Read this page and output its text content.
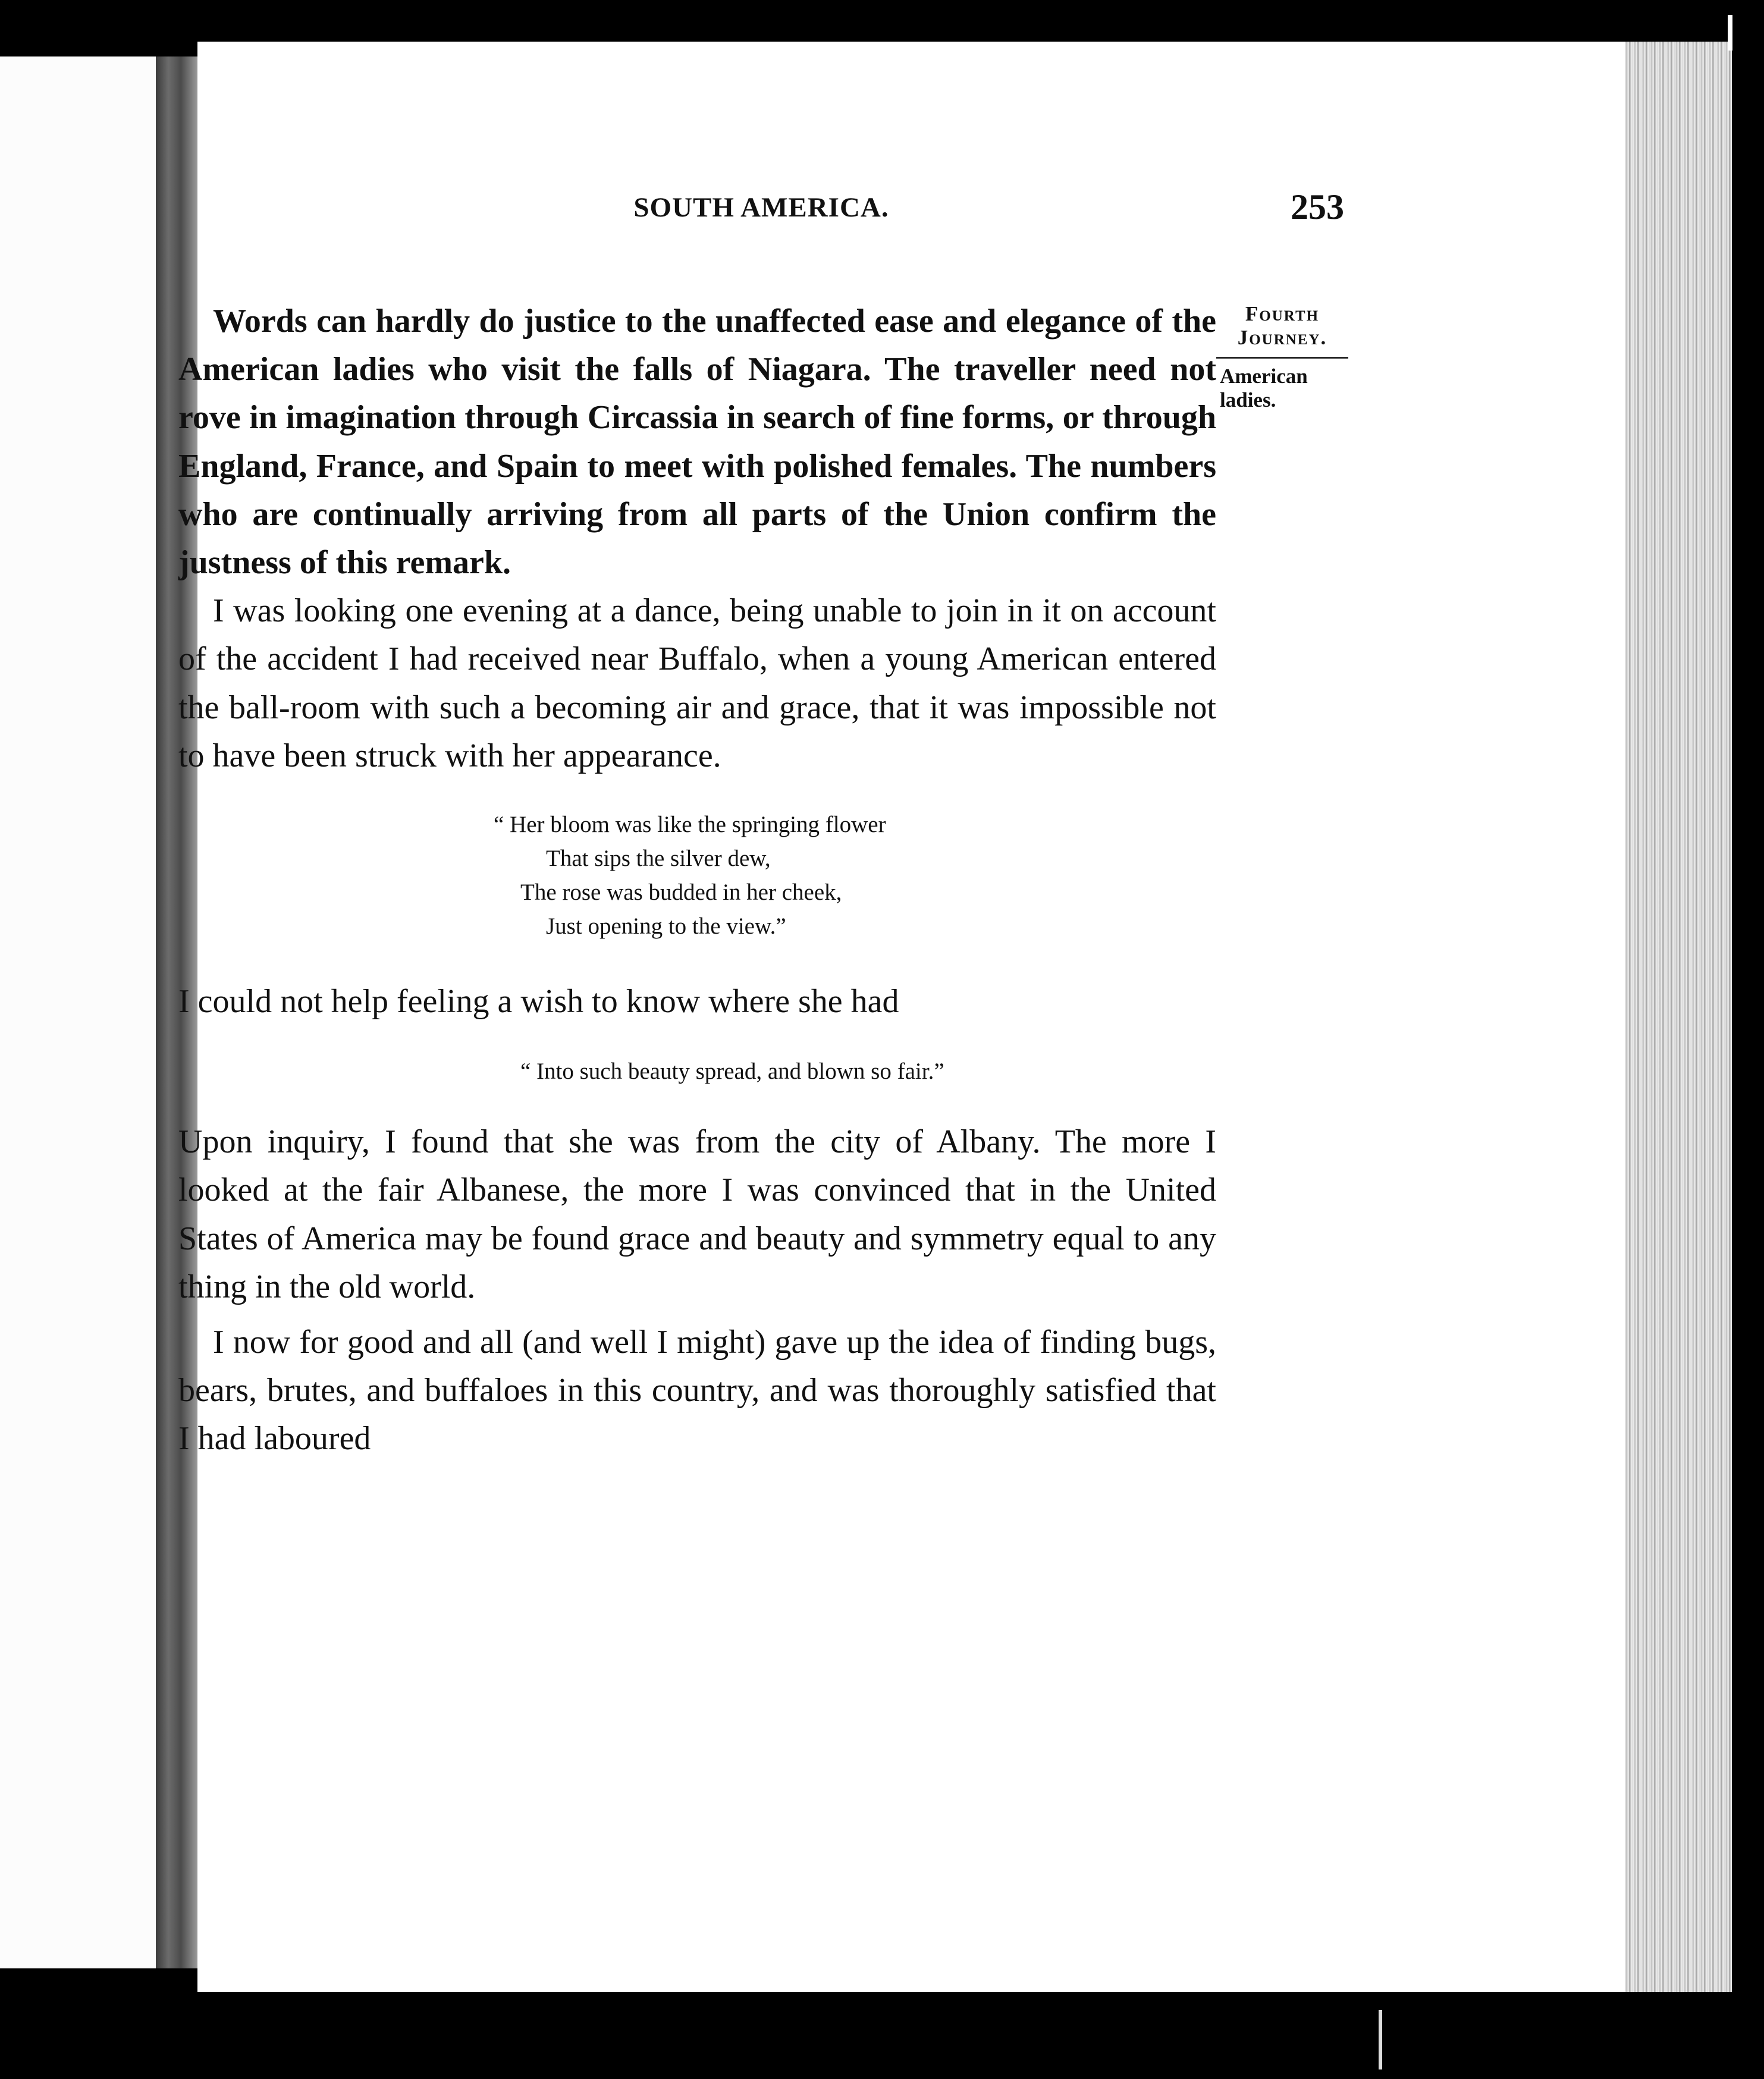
SOUTH AMERICA.	253
Fourth
Journey.
American
ladies.

Words can hardly do justice to the unaffected ease and elegance of the American ladies who visit the falls of Niagara. The traveller need not rove in imagination through Circassia in search of fine forms, or through England, France, and Spain to meet with polished females. The numbers who are continually arriving from all parts of the Union confirm the justness of this remark.

I was looking one evening at a dance, being unable to join in it on account of the accident I had received near Buffalo, when a young American entered the ball-room with such a becoming air and grace, that it was impossible not to have been struck with her appearance.

“ Her bloom was like the springing flower
That sips the silver dew,
The rose was budded in her cheek,
Just opening to the view.”

I could not help feeling a wish to know where she had

“ Into such beauty spread, and blown so fair.”

Upon inquiry, I found that she was from the city of Albany. The more I looked at the fair Albanese, the more I was convinced that in the United States of America may be found grace and beauty and symmetry equal to any thing in the old world.

I now for good and all (and well I might) gave up the idea of finding bugs, bears, brutes, and buffaloes in this country, and was thoroughly satisfied that I had laboured
